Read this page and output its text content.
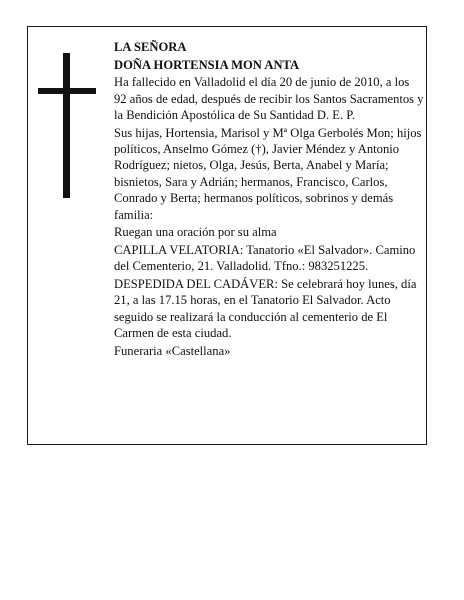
LA SEÑORA

DOÑA HORTENSIA MON ANTA

Ha fallecido en Valladolid el día 20 de junio de 2010, a los 92 años de edad, después de recibir los Santos Sacramentos y la Bendición Apostólica de Su Santidad D. E. P.

Sus hijas, Hortensia, Marisol y Mª Olga Gerbolés Mon; hijos políticos, Anselmo Gómez (†), Javier Méndez y Antonio Rodríguez; nietos, Olga, Jesús, Berta, Anabel y María; bisnietos, Sara y Adrián; hermanos, Francisco, Carlos, Conrado y Berta; hermanos políticos, sobrinos y demás familia:

Ruegan una oración por su alma

CAPILLA VELATORIA: Tanatorio «El Salvador». Camino del Cementerio, 21. Valladolid. Tfno.: 983251225.

DESPEDIDA DEL CADÁVER: Se celebrará hoy lunes, día 21, a las 17.15 horas, en el Tanatorio El Salvador. Acto seguido se realizará la conducción al cementerio de El Carmen de esta ciudad.

Funeraria «Castellana»
